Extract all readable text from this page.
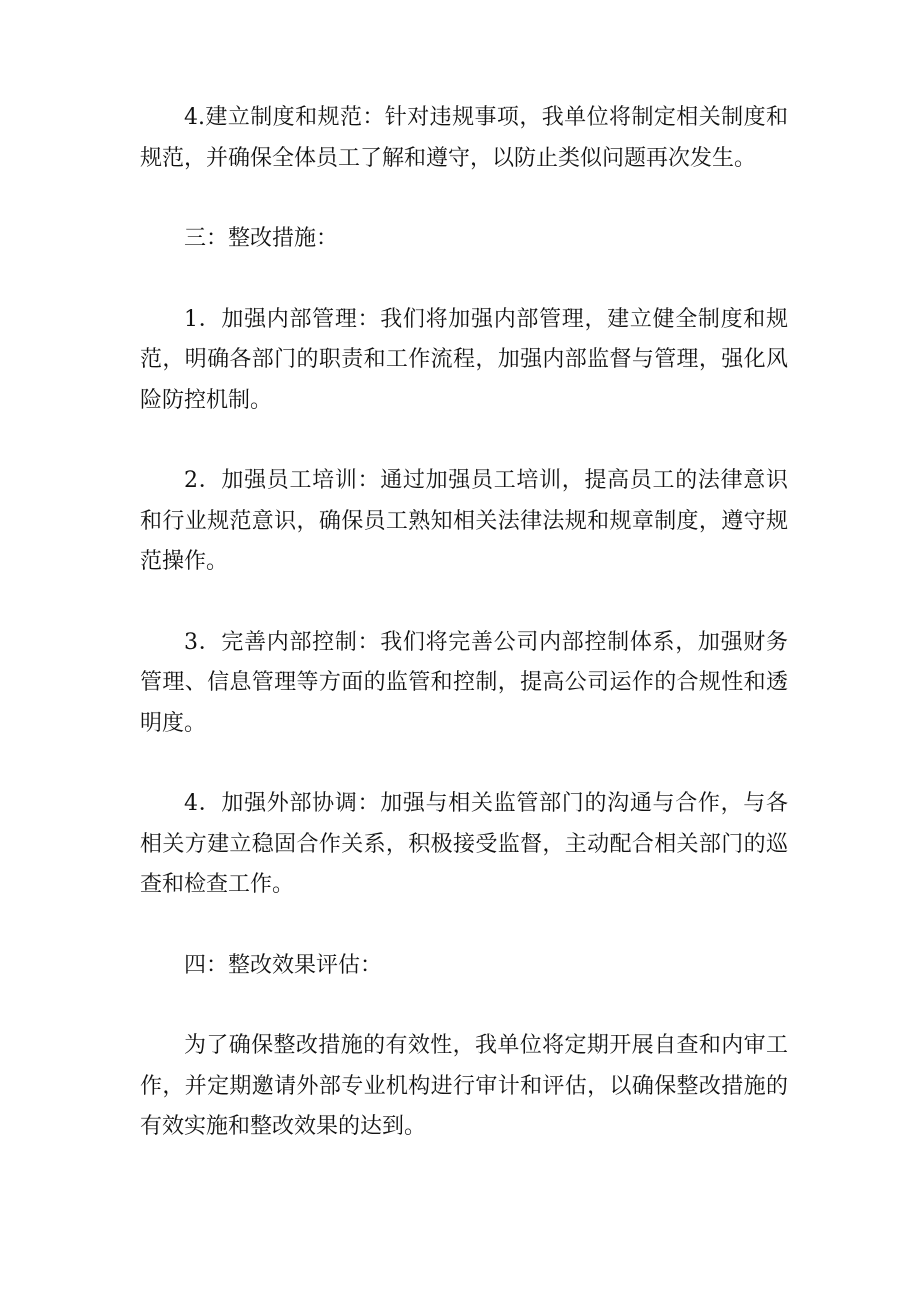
4.建立制度和规范：针对违规事项，我单位将制定相关制度和规范，并确保全体员工了解和遵守，以防止类似问题再次发生。

三：整改措施：

1．加强内部管理：我们将加强内部管理，建立健全制度和规范，明确各部门的职责和工作流程，加强内部监督与管理，强化风险防控机制。

2．加强员工培训：通过加强员工培训，提高员工的法律意识和行业规范意识，确保员工熟知相关法律法规和规章制度，遵守规范操作。

3．完善内部控制：我们将完善公司内部控制体系，加强财务管理、信息管理等方面的监管和控制，提高公司运作的合规性和透明度。

4．加强外部协调：加强与相关监管部门的沟通与合作，与各相关方建立稳固合作关系，积极接受监督，主动配合相关部门的巡查和检查工作。

四：整改效果评估：

为了确保整改措施的有效性，我单位将定期开展自查和内审工作，并定期邀请外部专业机构进行审计和评估，以确保整改措施的有效实施和整改效果的达到。
